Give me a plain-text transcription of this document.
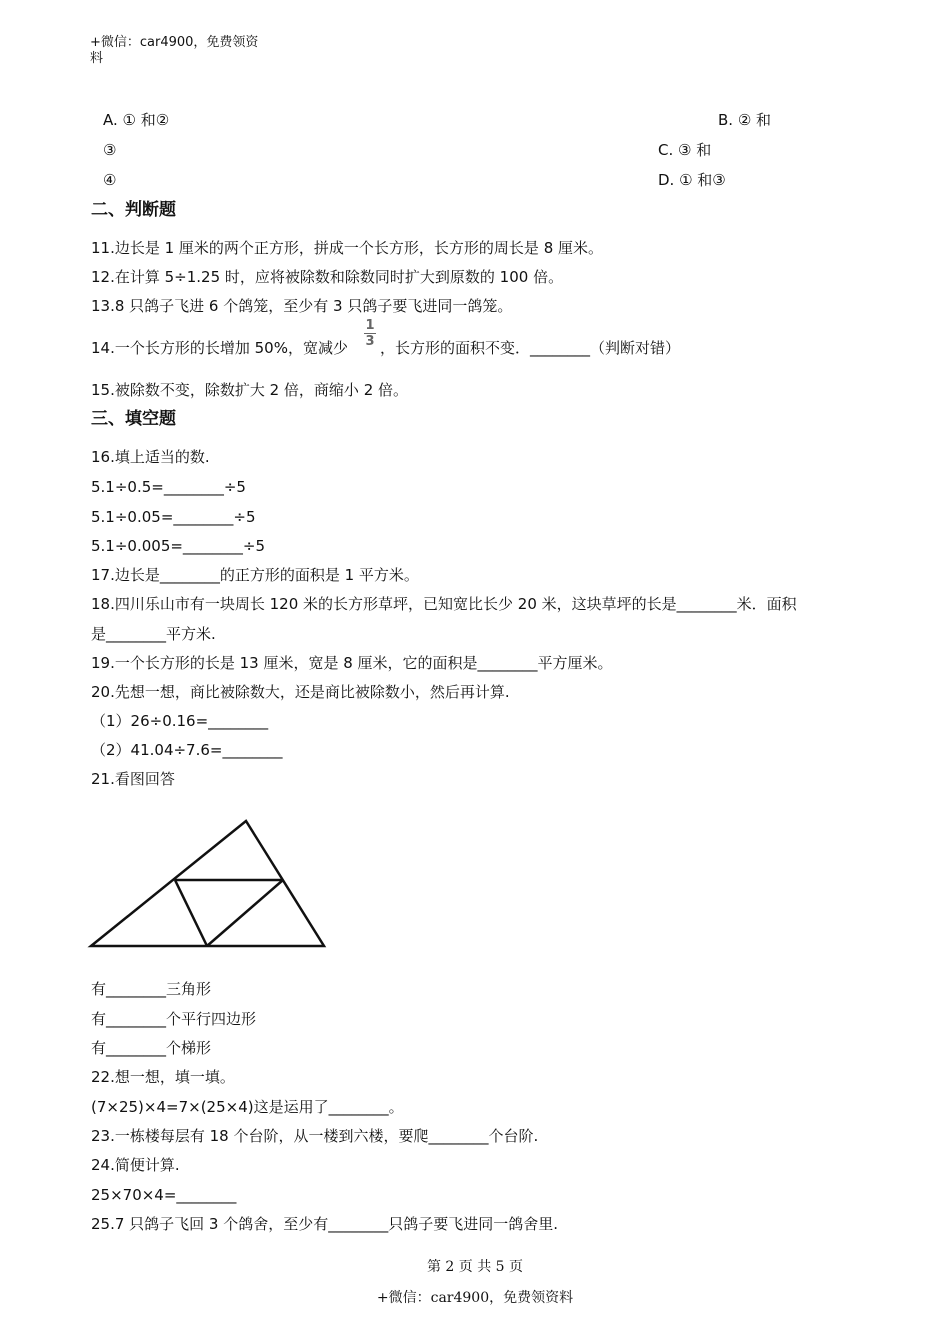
+微信：car4900，免费领资
料
A. ① 和②	B. ② 和
③	C. ③ 和
④	D. ① 和③
二、判断题
11.边长是 1 厘米的两个正方形，拼成一个长方形，长方形的周长是 8 厘米。
12.在计算 5÷1.25 时，应将被除数和除数同时扩大到原数的 100 倍。
13.8 只鸽子飞进 6 个鸽笼，至少有 3 只鸽子要飞进同一鸽笼。
14.一个长方形的长增加 50%，宽减少
1
3 ，长方形的面积不变．________（判断对错）
15.被除数不变，除数扩大 2 倍，商缩小 2 倍。
三、填空题
16.填上适当的数.
5.1÷0.5=________÷5
5.1÷0.05=________÷5
5.1÷0.005=________÷5
17.边长是________的正方形的面积是 1 平方米。
18.四川乐山市有一块周长 120 米的长方形草坪，已知宽比长少 20 米，这块草坪的长是________米．面积
是________平方米.
19.一个长方形的长是 13 厘米，宽是 8 厘米，它的面积是________平方厘米。
20.先想一想，商比被除数大，还是商比被除数小，然后再计算.
（1）26÷0.16=________
（2）41.04÷7.6=________
21.看图回答
有________三角形
有________个平行四边形
有________个梯形
22.想一想，填一填。
(7×25)×4=7×(25×4)这是运用了________。
23.一栋楼每层有 18 个台阶，从一楼到六楼，要爬________个台阶.
24.简便计算.
25×70×4=________
25.7 只鸽子飞回 3 个鸽舍，至少有________只鸽子要飞进同一鸽舍里.
第 2 页 共 5 页
+微信：car4900，免费领资料
